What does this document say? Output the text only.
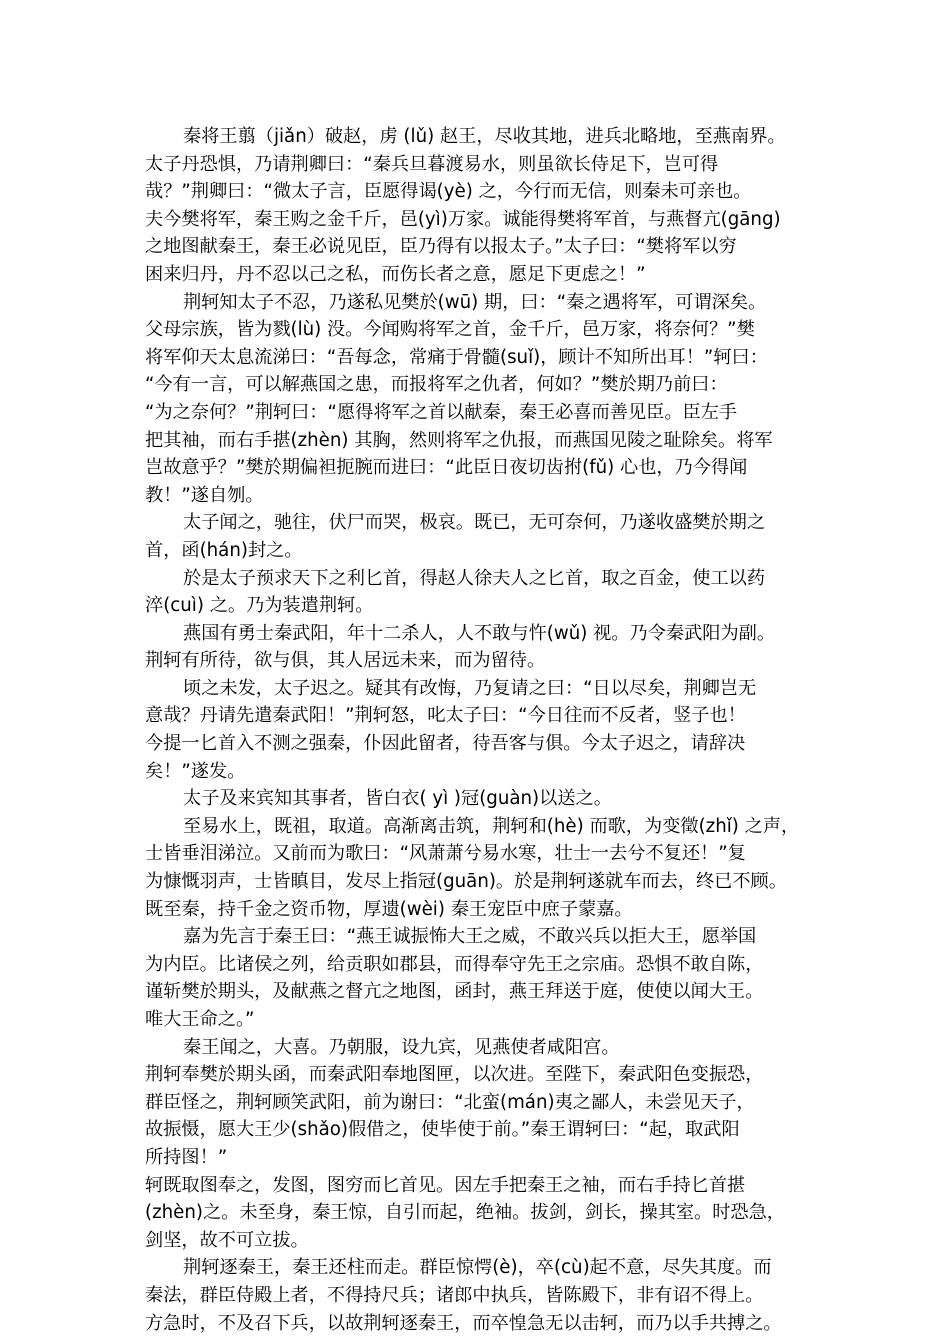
秦将王翦（jiǎn）破赵，虏 (lǔ) 赵王，尽收其地，进兵北略地，至燕南界。
太子丹恐惧，乃请荆卿曰：“秦兵旦暮渡易水，则虽欲长侍足下，岂可得
哉？”荆卿曰：“微太子言，臣愿得谒(yè) 之，今行而无信，则秦未可亲也。
夫今樊将军，秦王购之金千斤，邑(yì)万家。诚能得樊将军首，与燕督亢(gāng)
之地图献秦王，秦王必说见臣，臣乃得有以报太子。”太子曰：“樊将军以穷
困来归丹，丹不忍以己之私，而伤长者之意，愿足下更虑之！”
荆轲知太子不忍，乃遂私见樊於(wū) 期，曰：“秦之遇将军，可谓深矣。
父母宗族，皆为戮(lù) 没。今闻购将军之首，金千斤，邑万家，将奈何？”樊
将军仰天太息流涕曰：“吾每念，常痛于骨髓(suǐ)，顾计不知所出耳！”轲曰：
“今有一言，可以解燕国之患，而报将军之仇者，何如？”樊於期乃前曰：
“为之奈何？”荆轲曰：“愿得将军之首以献秦，秦王必喜而善见臣。臣左手
把其袖，而右手揕(zhèn) 其胸，然则将军之仇报，而燕国见陵之耻除矣。将军
岂故意乎？”樊於期偏袒扼腕而进曰：“此臣日夜切齿拊(fǔ) 心也，乃今得闻
教！”遂自刎。
太子闻之，驰往，伏尸而哭，极哀。既已，无可奈何，乃遂收盛樊於期之
首，函(hán)封之。
於是太子预求天下之利匕首，得赵人徐夫人之匕首，取之百金，使工以药
淬(cuì) 之。乃为装遣荆轲。
燕国有勇士秦武阳，年十二杀人，人不敢与忤(wǔ) 视。乃令秦武阳为副。
荆轲有所待，欲与俱，其人居远未来，而为留待。
顷之未发，太子迟之。疑其有改悔，乃复请之曰：“日以尽矣，荆卿岂无
意哉？丹请先遣秦武阳！”荆轲怒，叱太子曰：“今日往而不反者，竖子也！
今提一匕首入不测之强秦，仆因此留者，待吾客与俱。今太子迟之，请辞决
矣！”遂发。
太子及来宾知其事者，皆白衣( yì )冠(guàn)以送之。
至易水上，既祖，取道。高渐离击筑，荆轲和(hè) 而歌，为变徵(zhǐ) 之声，
士皆垂泪涕泣。又前而为歌曰：“风萧萧兮易水寒，壮士一去兮不复还！”复
为慷慨羽声，士皆瞋目，发尽上指冠(guān)。於是荆轲遂就车而去，终已不顾。
既至秦，持千金之资币物，厚遗(wèi) 秦王宠臣中庶子蒙嘉。
嘉为先言于秦王曰：“燕王诚振怖大王之威，不敢兴兵以拒大王，愿举国
为内臣。比诸侯之列，给贡职如郡县，而得奉守先王之宗庙。恐惧不敢自陈，
谨斩樊於期头，及献燕之督亢之地图，函封，燕王拜送于庭，使使以闻大王。
唯大王命之。”
秦王闻之，大喜。乃朝服，设九宾，见燕使者咸阳宫。
荆轲奉樊於期头函，而秦武阳奉地图匣，以次进。至陛下，秦武阳色变振恐，
群臣怪之，荆轲顾笑武阳，前为谢曰：“北蛮(mán)夷之鄙人，未尝见天子，
故振慑，愿大王少(shǎo)假借之，使毕使于前。”秦王谓轲曰：“起，取武阳
所持图！”
轲既取图奉之，发图，图穷而匕首见。因左手把秦王之袖，而右手持匕首揕
(zhèn)之。未至身，秦王惊，自引而起，绝袖。拔剑，剑长，操其室。时恐急，
剑坚，故不可立拔。
荆轲逐秦王，秦王还柱而走。群臣惊愕(è)，卒(cù)起不意，尽失其度。而
秦法，群臣侍殿上者，不得持尺兵；诸郎中执兵，皆陈殿下，非有诏不得上。
方急时，不及召下兵，以故荆轲逐秦王，而卒惶急无以击轲，而乃以手共搏之。
